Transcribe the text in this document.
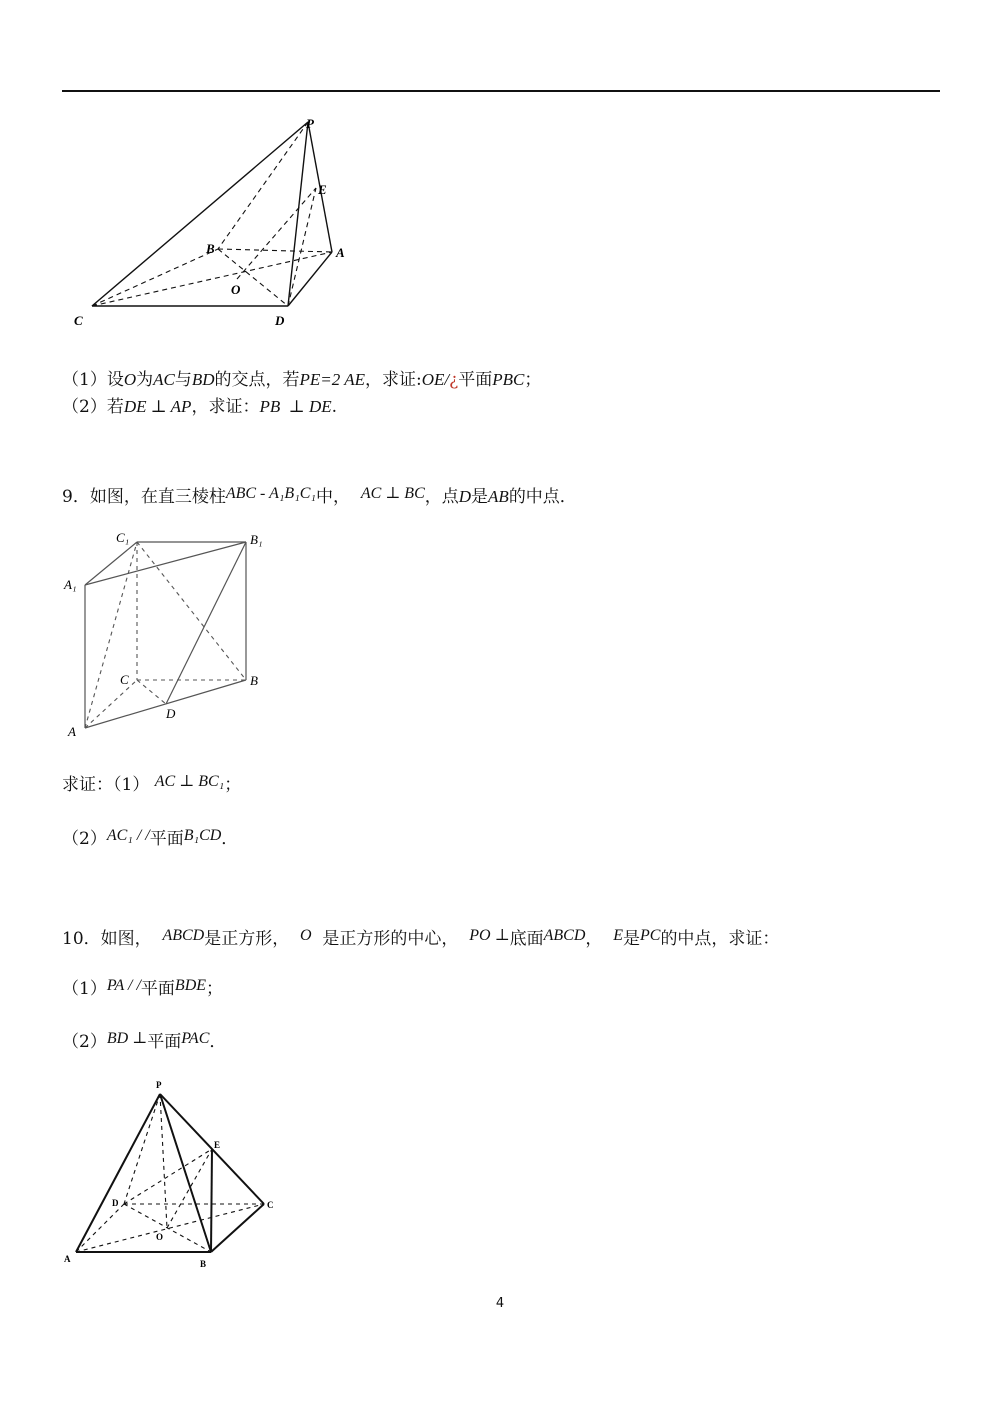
P
E
B	A
O
C	D
（1）设O为AC与BD的交点，若PE=2 AE，求证:OE/¿平面PBC；
（2）若DE ⊥ AP，求证：PB  ⊥ DE.
9．如图，在直三棱柱ABC - A₁B₁C₁中， AC ⊥ BC，点D是AB的中点．
C₁	B₁
A₁
C	B
D
A
求证：（1） AC ⊥ BC₁；
（2）AC₁ / /平面B₁CD．
10．如图， ABCD是正方形， O 是正方形的中心， PO ⊥底面ABCD， E是PC的中点，求证：
（1）PA / /平面BDE；
（2）BD ⊥平面PAC．
P
E
D	C
O
A	B
4
